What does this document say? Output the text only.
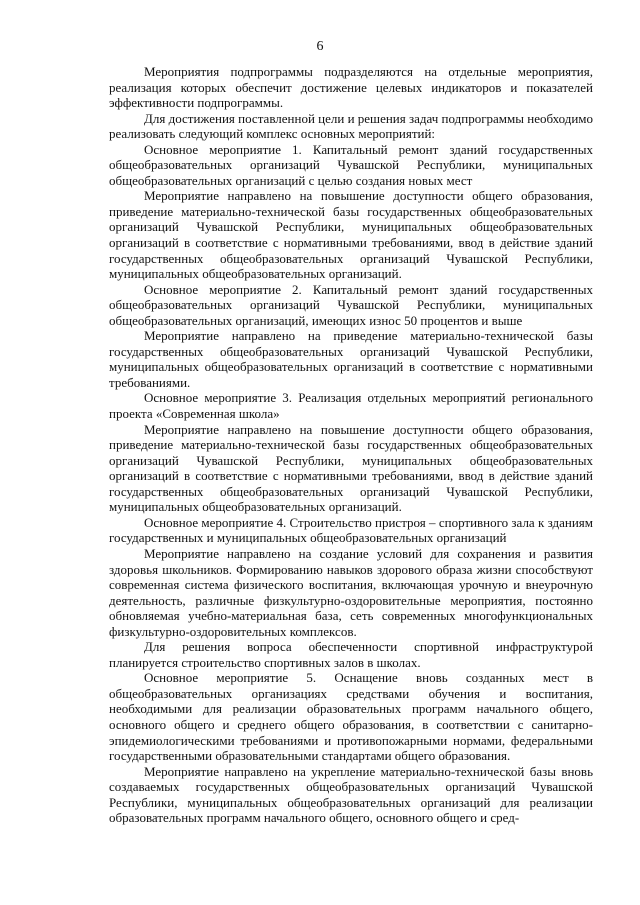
6

Мероприятия подпрограммы подразделяются на отдельные мероприятия, реализация которых обеспечит достижение целевых индикаторов и показателей эффективности подпрограммы.

Для достижения поставленной цели и решения задач подпрограммы необходимо реализовать следующий комплекс основных мероприятий:

Основное мероприятие 1. Капитальный ремонт зданий государственных общеобразовательных организаций Чувашской Республики, муниципальных общеобразовательных организаций с целью создания новых мест

Мероприятие направлено на повышение доступности общего образования, приведение материально-технической базы государственных общеобразовательных организаций Чувашской Республики, муниципальных общеобразовательных организаций в соответствие с нормативными требованиями, ввод в действие зданий государственных общеобразовательных организаций Чувашской Республики, муниципальных общеобразовательных организаций.

Основное мероприятие 2. Капитальный ремонт зданий государственных общеобразовательных организаций Чувашской Республики, муниципальных общеобразовательных организаций, имеющих износ 50 процентов и выше

Мероприятие направлено на приведение материально-технической базы государственных общеобразовательных организаций Чувашской Республики, муниципальных общеобразовательных организаций в соответствие с нормативными требованиями.

Основное мероприятие 3. Реализация отдельных мероприятий регионального проекта «Современная школа»

Мероприятие направлено на повышение доступности общего образования, приведение материально-технической базы государственных общеобразовательных организаций Чувашской Республики, муниципальных общеобразовательных организаций в соответствие с нормативными требованиями, ввод в действие зданий государственных общеобразовательных организаций Чувашской Республики, муниципальных общеобразовательных организаций.

Основное мероприятие 4. Строительство пристроя – спортивного зала к зданиям государственных и муниципальных общеобразовательных организаций

Мероприятие направлено на создание условий для сохранения и развития здоровья школьников. Формированию навыков здорового образа жизни способствуют современная система физического воспитания, включающая урочную и внеурочную деятельность, различные физкультурно-оздоровительные мероприятия, постоянно обновляемая учебно-материальная база, сеть современных многофункциональных физкультурно-оздоровительных комплексов.

Для решения вопроса обеспеченности спортивной инфраструктурой планируется строительство спортивных залов в школах.

Основное мероприятие 5. Оснащение вновь созданных мест в общеобразовательных организациях средствами обучения и воспитания, необходимыми для реализации образовательных программ начального общего, основного общего и среднего общего образования, в соответствии с санитарно-эпидемиологическими требованиями и противопожарными нормами, федеральными государственными образовательными стандартами общего образования.

Мероприятие направлено на укрепление материально-технической базы вновь создаваемых государственных общеобразовательных организаций Чувашской Республики, муниципальных общеобразовательных организаций для реализации образовательных программ начального общего, основного общего и сред-
